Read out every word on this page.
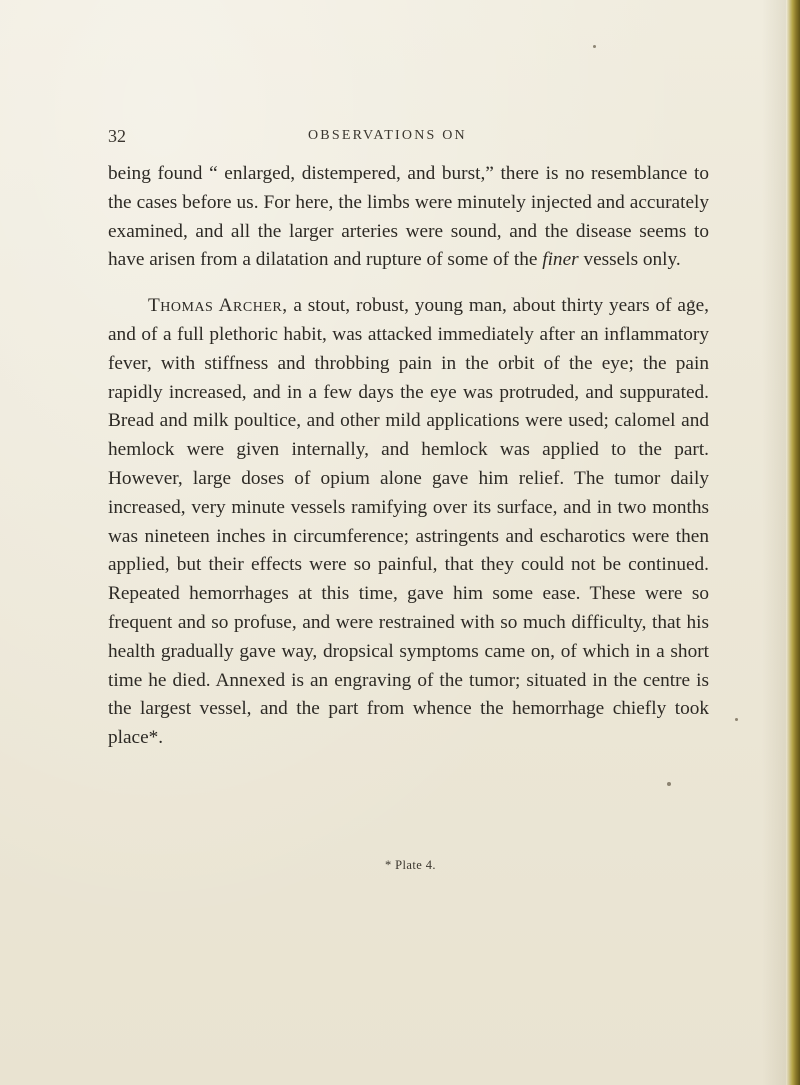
32	OBSERVATIONS ON

being found “ enlarged, distempered, and burst,” there is no resemblance to the cases before us. For here, the limbs were minutely injected and accurately examined, and all the larger arteries were sound, and the disease seems to have arisen from a dilatation and rupture of some of the finer vessels only.

Thomas Archer, a stout, robust, young man, about thirty years of age, and of a full plethoric habit, was attacked immediately after an inflammatory fever, with stiffness and throbbing pain in the orbit of the eye; the pain rapidly increased, and in a few days the eye was protruded, and suppurated. Bread and milk poultice, and other mild applications were used; calomel and hemlock were given internally, and hemlock was applied to the part. However, large doses of opium alone gave him relief. The tumor daily increased, very minute vessels ramifying over its surface, and in two months was nineteen inches in circumference; astringents and escharotics were then applied, but their effects were so painful, that they could not be continued. Repeated hemorrhages at this time, gave him some ease. These were so frequent and so profuse, and were restrained with so much difficulty, that his health gradually gave way, dropsical symptoms came on, of which in a short time he died. Annexed is an engraving of the tumor; situated in the centre is the largest vessel, and the part from whence the hemorrhage chiefly took place*.

* Plate 4.
